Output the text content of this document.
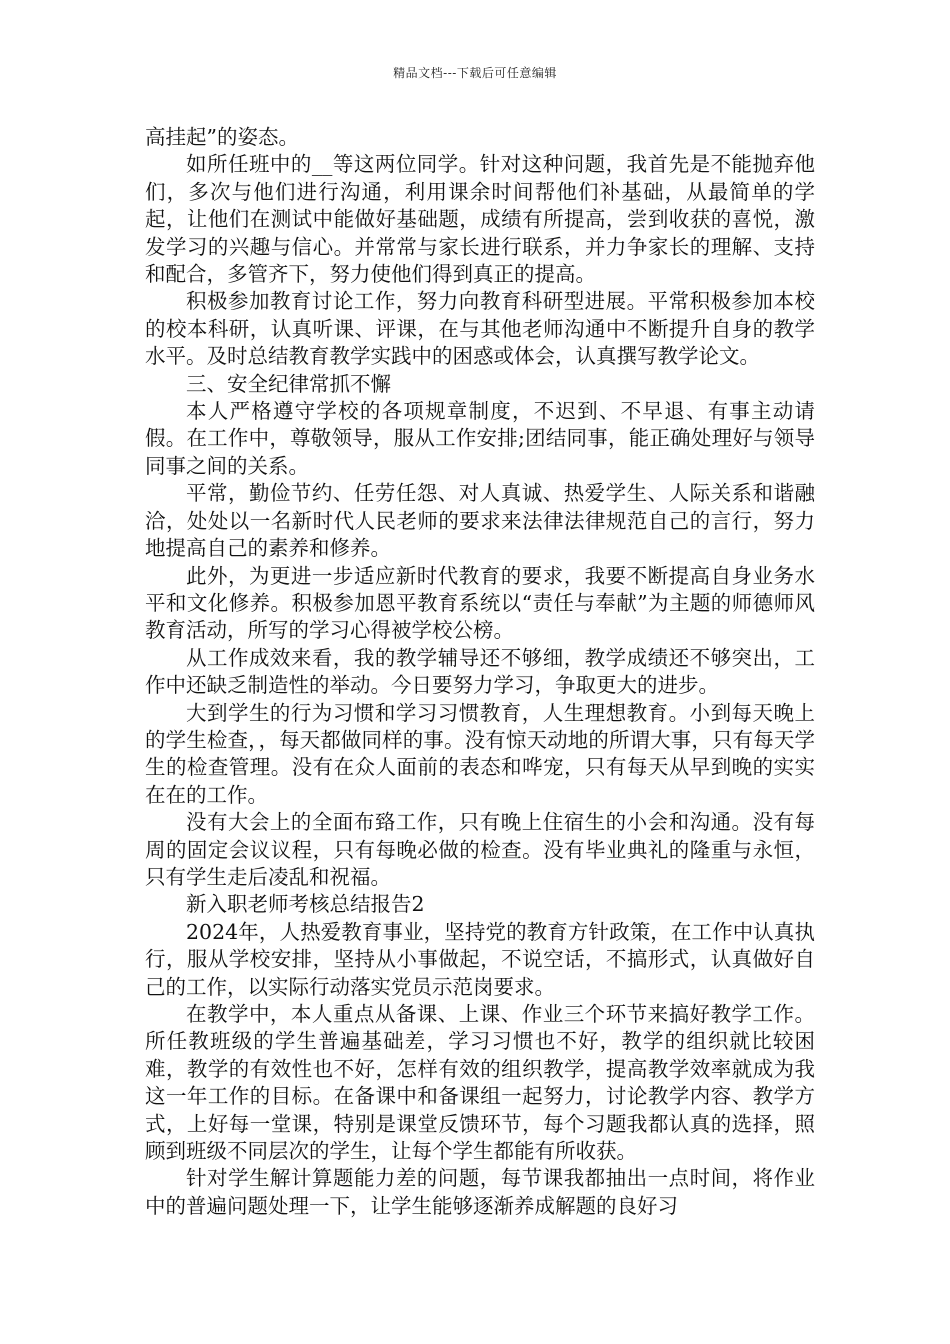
精品文档---下载后可任意编辑

高挂起”的姿态。

如所任班中的__等这两位同学。针对这种问题，我首先是不能抛弃他们，多次与他们进行沟通，利用课余时间帮他们补基础，从最简单的学起，让他们在测试中能做好基础题，成绩有所提高，尝到收获的喜悦，激发学习的兴趣与信心。并常常与家长进行联系，并力争家长的理解、支持和配合，多管齐下，努力使他们得到真正的提高。

积极参加教育讨论工作，努力向教育科研型进展。平常积极参加本校的校本科研，认真听课、评课，在与其他老师沟通中不断提升自身的教学水平。及时总结教育教学实践中的困惑或体会，认真撰写教学论文。

三、安全纪律常抓不懈

本人严格遵守学校的各项规章制度，不迟到、不早退、有事主动请假。在工作中，尊敬领导，服从工作安排;团结同事，能正确处理好与领导同事之间的关系。

平常，勤俭节约、任劳任怨、对人真诚、热爱学生、人际关系和谐融洽，处处以一名新时代人民老师的要求来法律法律规范自己的言行，努力地提高自己的素养和修养。

此外，为更进一步适应新时代教育的要求，我要不断提高自身业务水平和文化修养。积极参加恩平教育系统以“责任与奉献”为主题的师德师风教育活动，所写的学习心得被学校公榜。

从工作成效来看，我的教学辅导还不够细，教学成绩还不够突出，工作中还缺乏制造性的举动。今日要努力学习，争取更大的进步。

大到学生的行为习惯和学习习惯教育，人生理想教育。小到每天晚上的学生检查，，每天都做同样的事。没有惊天动地的所谓大事，只有每天学生的检查管理。没有在众人面前的表态和哗宠，只有每天从早到晚的实实在在的工作。

没有大会上的全面布臵工作，只有晚上住宿生的小会和沟通。没有每周的固定会议议程，只有每晚必做的检查。没有毕业典礼的隆重与永恒，只有学生走后凌乱和祝福。

新入职老师考核总结报告2

2024年，人热爱教育事业，坚持党的教育方针政策，在工作中认真执行，服从学校安排，坚持从小事做起，不说空话，不搞形式，认真做好自己的工作，以实际行动落实党员示范岗要求。

在教学中，本人重点从备课、上课、作业三个环节来搞好教学工作。所任教班级的学生普遍基础差，学习习惯也不好，教学的组织就比较困难，教学的有效性也不好，怎样有效的组织教学，提高教学效率就成为我这一年工作的目标。在备课中和备课组一起努力，讨论教学内容、教学方式，上好每一堂课，特别是课堂反馈环节，每个习题我都认真的选择，照顾到班级不同层次的学生，让每个学生都能有所收获。

针对学生解计算题能力差的问题，每节课我都抽出一点时间，将作业中的普遍问题处理一下，让学生能够逐渐养成解题的良好习
